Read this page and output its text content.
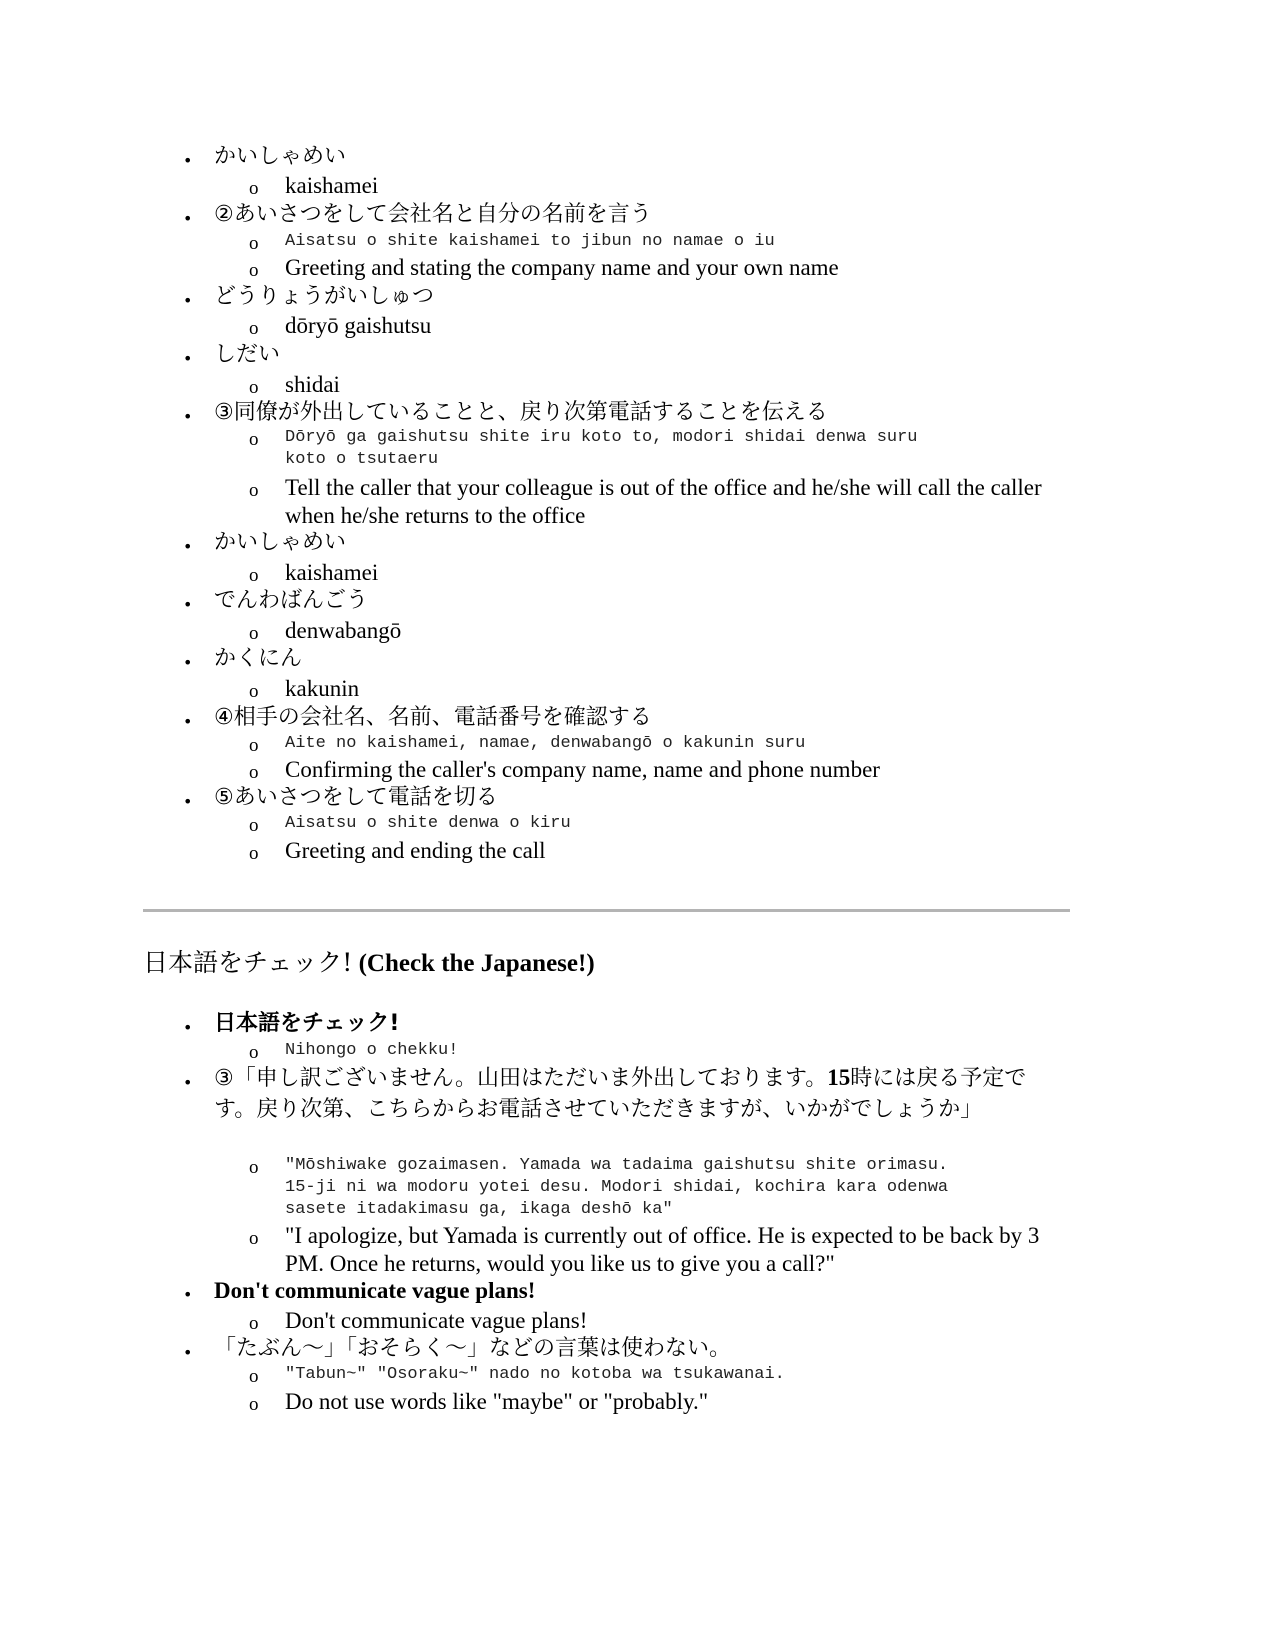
• かいしゃめい
o kaishamei
• ②あいさつをして会社名と自分の名前を言う
o Aisatsu o shite kaishamei to jibun no namae o iu
o Greeting and stating the company name and your own name
• どうりょうがいしゅつ
o dōryō gaishutsu
• しだい
o shidai
• ③同僚が外出していることと、戻り次第電話することを伝える
o Dōryō ga gaishutsu shite iru koto to, modori shidai denwa suru
koto o tsutaeru
o Tell the caller that your colleague is out of the office and he/she will call the caller when he/she returns to the office
• かいしゃめい
o kaishamei
• でんわばんごう
o denwabangō
• かくにん
o kakunin
• ④相手の会社名、名前、電話番号を確認する
o Aite no kaishamei, namae, denwabangō o kakunin suru
o Confirming the caller's company name, name and phone number
• ⑤あいさつをして電話を切る
o Aisatsu o shite denwa o kiru
o Greeting and ending the call
日本語をチェック! (Check the Japanese!)
• 日本語をチェック!
o Nihongo o chekku!
• ③「申し訳ございません。山田はただいま外出しております。15時には戻る予定です。戻り次第、こちらからお電話させていただきますが、いかがでしょうか」
o "Mōshiwake gozaimasen. Yamada wa tadaima gaishutsu shite orimasu.
15-ji ni wa modoru yotei desu. Modori shidai, kochira kara odenwa
sasete itadakimasu ga, ikaga deshō ka"
o "I apologize, but Yamada is currently out of office. He is expected to be back by 3 PM. Once he returns, would you like us to give you a call?"
• Don't communicate vague plans!
o Don't communicate vague plans!
• 「たぶん〜」「おそらく〜」などの言葉は使わない。
o "Tabun~" "Osoraku~" nado no kotoba wa tsukawanai.
o Do not use words like "maybe" or "probably."
